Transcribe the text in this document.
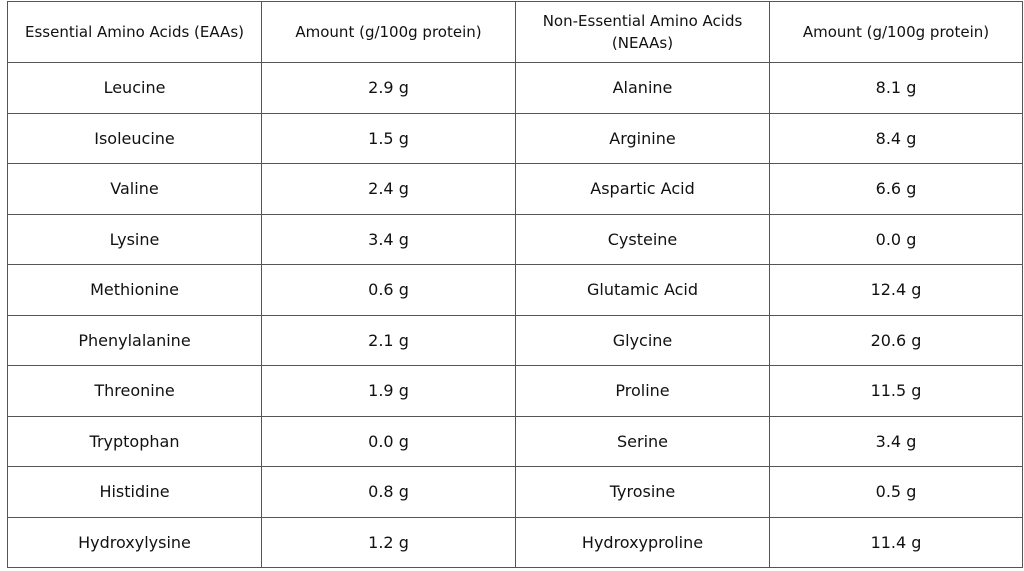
Essential Amino Acids (EAAs)	Amount (g/100g protein)	Non-Essential Amino Acids (NEAAs)	Amount (g/100g protein)
Leucine	2.9 g	Alanine	8.1 g
Isoleucine	1.5 g	Arginine	8.4 g
Valine	2.4 g	Aspartic Acid	6.6 g
Lysine	3.4 g	Cysteine	0.0 g
Methionine	0.6 g	Glutamic Acid	12.4 g
Phenylalanine	2.1 g	Glycine	20.6 g
Threonine	1.9 g	Proline	11.5 g
Tryptophan	0.0 g	Serine	3.4 g
Histidine	0.8 g	Tyrosine	0.5 g
Hydroxylysine	1.2 g	Hydroxyproline	11.4 g
